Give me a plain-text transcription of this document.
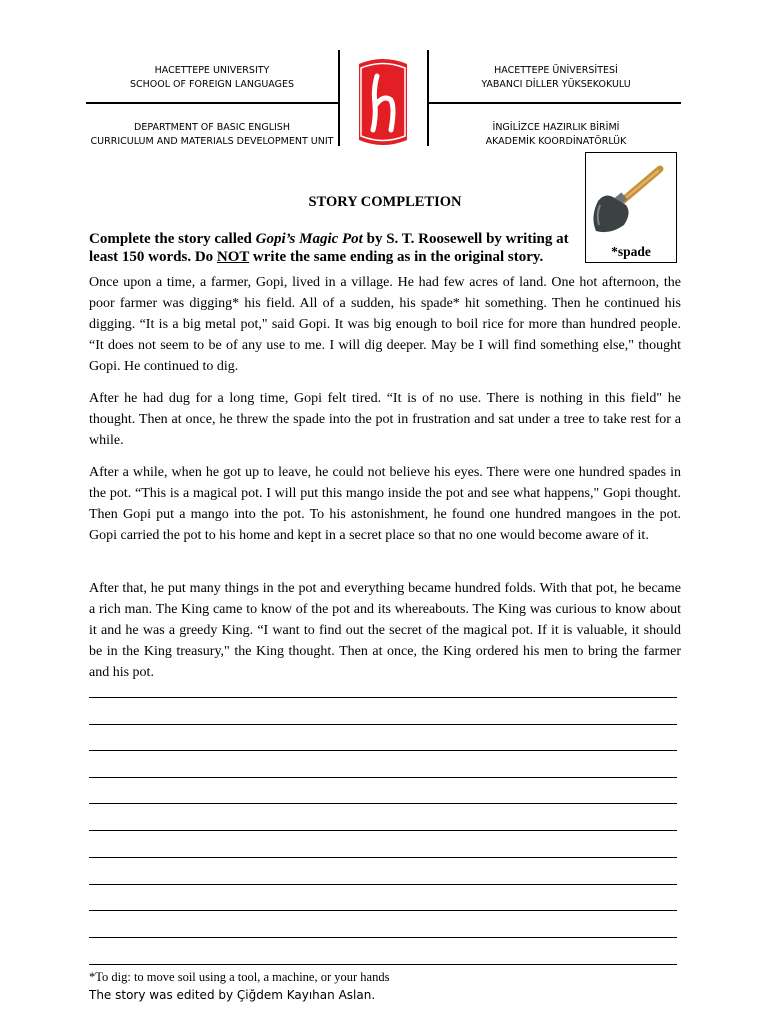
HACETTEPE UNIVERSITY
SCHOOL OF FOREIGN LANGUAGES
HACETTEPE ÜNİVERSİTESİ
YABANCI DİLLER YÜKSEKOKULU
DEPARTMENT OF BASIC ENGLISH
CURRICULUM AND MATERIALS DEVELOPMENT UNIT
İNGİLİZCE HAZIRLIK BİRİMİ
AKADEMİK KOORDİNATÖRLÜK
*spade
STORY COMPLETION
Complete the story called Gopi’s Magic Pot by S. T. Roosewell by writing at least 150 words. Do NOT write the same ending as in the original story.
Once upon a time, a farmer, Gopi, lived in a village. He had few acres of land. One hot afternoon, the poor farmer was digging* his field. All of a sudden, his spade* hit something. Then he continued his digging. “It is a big metal pot," said Gopi. It was big enough to boil rice for more than hundred people. “It does not seem to be of any use to me. I will dig deeper. May be I will find something else," thought Gopi. He continued to dig.
After he had dug for a long time, Gopi felt tired. “It is of no use. There is nothing in this field" he thought. Then at once, he threw the spade into the pot in frustration and sat under a tree to take rest for a while.
After a while, when he got up to leave, he could not believe his eyes. There were one hundred spades in the pot. “This is a magical pot. I will put this mango inside the pot and see what happens," Gopi thought. Then Gopi put a mango into the pot. To his astonishment, he found one hundred mangoes in the pot. Gopi carried the pot to his home and kept in a secret place so that no one would become aware of it.
After that, he put many things in the pot and everything became hundred folds. With that pot, he became a rich man. The King came to know of the pot and its whereabouts. The King was curious to know about it and he was a greedy King. “I want to find out the secret of the magical pot. If it is valuable, it should be in the King treasury," the King thought. Then at once, the King ordered his men to bring the farmer and his pot.
*To dig: to move soil using a tool, a machine, or your hands
The story was edited by Çiğdem Kayıhan Aslan.
